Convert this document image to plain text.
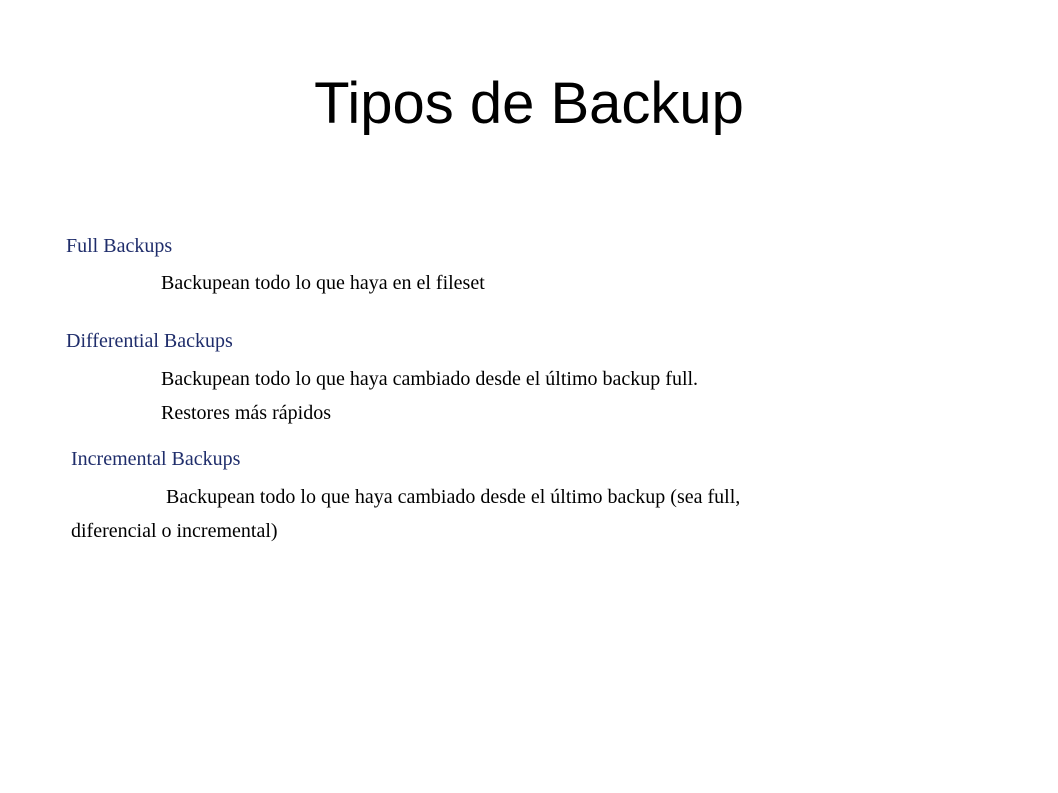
Tipos de Backup
Full Backups
Backupean todo lo que haya en el fileset
Differential Backups
Backupean todo lo que haya cambiado desde el último backup full.
Restores más rápidos
Incremental Backups
Backupean todo lo que haya cambiado desde el último backup (sea full,
diferencial o incremental)
